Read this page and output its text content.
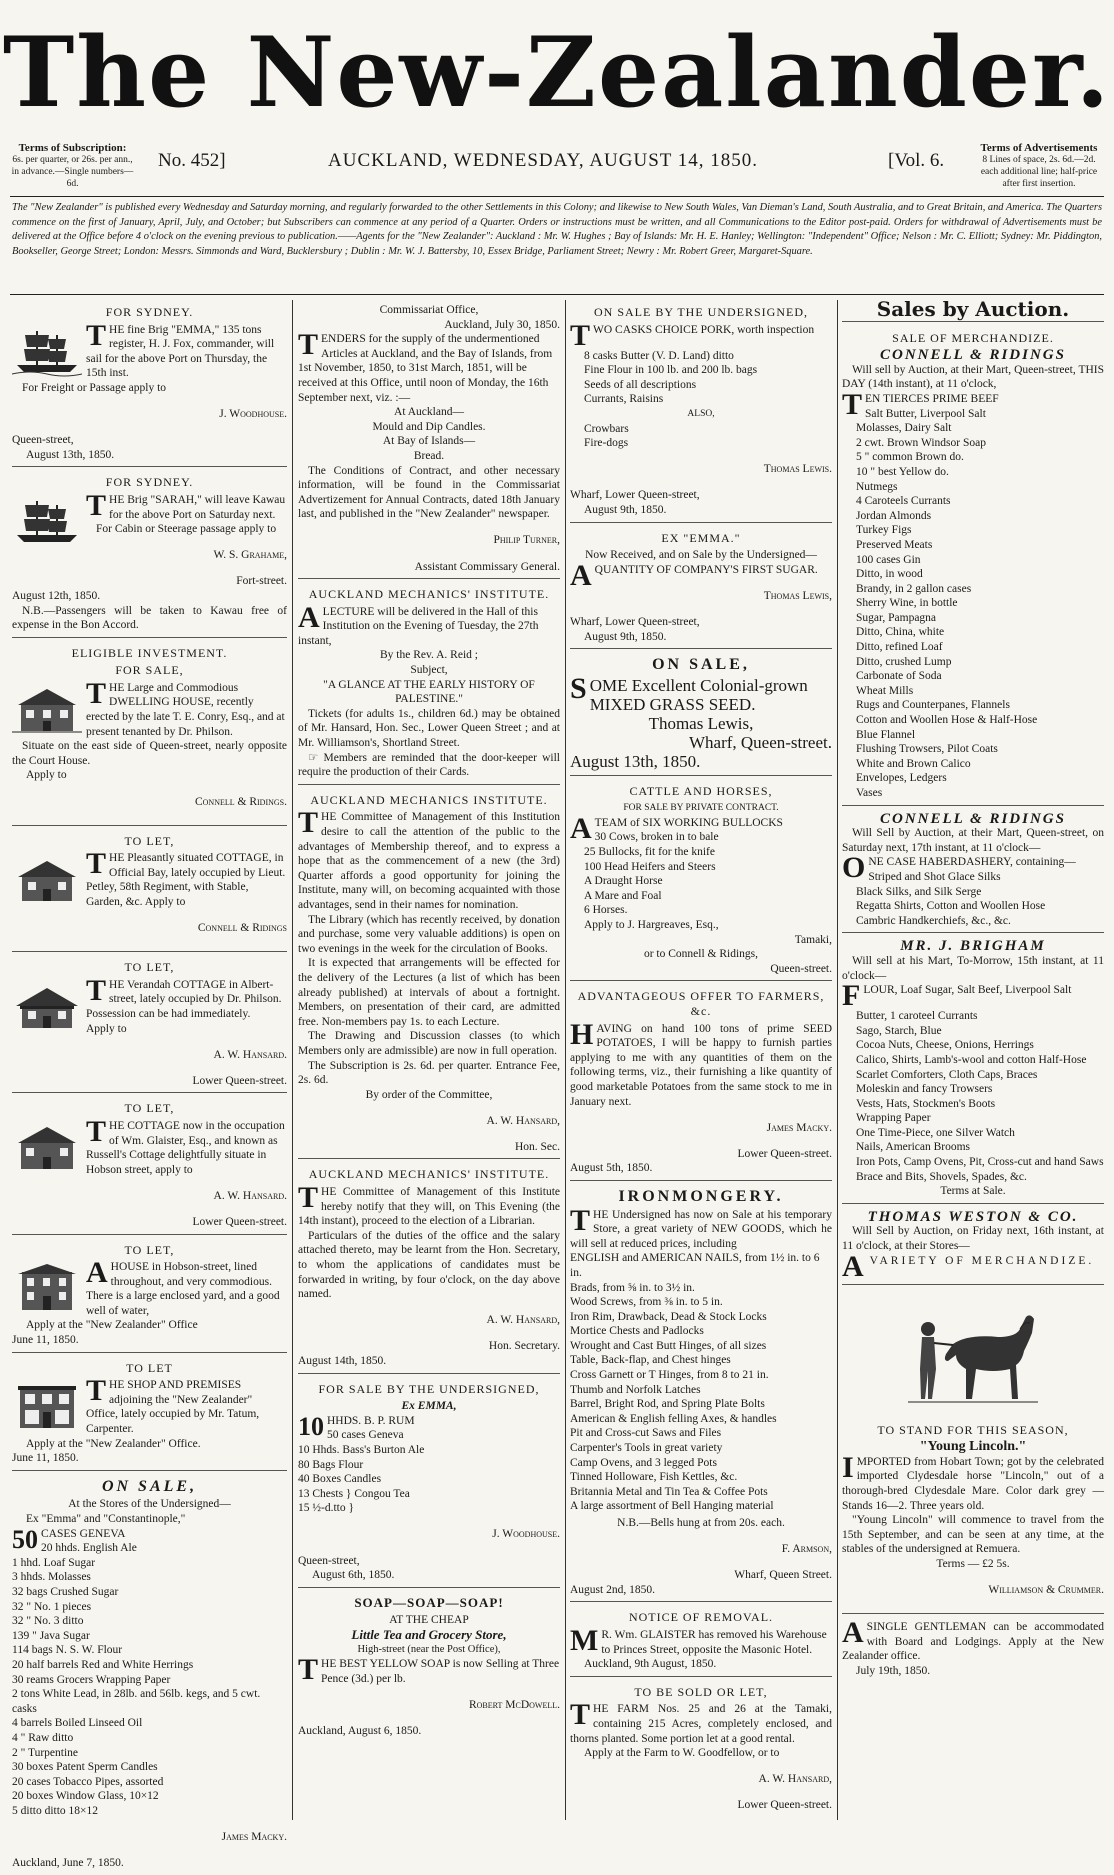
The New-Zealander.
Terms of Subscription:
6s. per quarter, or 26s. per ann., in advance.—Single numbers—6d.
No. 452]	AUCKLAND, WEDNESDAY, AUGUST 14, 1850.	[Vol. 6.
Terms of Advertisements
8 Lines of space, 2s. 6d.—2d. each additional line; half-price after first insertion.
The "New Zealander" is published every Wednesday and Saturday morning, and regularly forwarded to the other Settlements in this Colony; and likewise to New South Wales, Van Dieman's Land, South Australia, and to Great Britain, and America. The Quarters commence on the first of January, April, July, and October; but Subscribers can commence at any period of a Quarter. Orders or instructions must be written, and all Communications to the Editor post-paid. Orders for withdrawal of Advertisements must be delivered at the Office before 4 o'clock on the evening previous to publication.——Agents for the "New Zealander": Auckland : Mr. W. Hughes ; Bay of Islands: Mr. H. E. Hanley; Wellington: "Independent" Office; Nelson : Mr. C. Elliott; Sydney: Mr. Piddington, Bookseller, George Street; London: Messrs. Simmonds and Ward, Bucklersbury ; Dublin : Mr. W. J. Battersby, 10, Essex Bridge, Parliament Street; Newry : Mr. Robert Greer, Margaret-Square.
FOR SYDNEY.

THE fine Brig "EMMA," 135 tons register, H. J. Fox, commander, will sail for the above Port on Thursday, the 15th inst.

For Freight or Passage apply to

J. Woodhouse.

Queen-street,

August 13th, 1850.

FOR SYDNEY.

THE Brig "SARAH," will leave Kawau for the above Port on Saturday next.

For Cabin or Steerage passage apply to

W. S. Grahame,

Fort-street.

August 12th, 1850.

N.B.—Passengers will be taken to Kawau free of expense in the Bon Accord.

ELIGIBLE INVESTMENT.
FOR SALE,

THE Large and Commodious DWELLING HOUSE, recently erected by the late T. E. Conry, Esq., and at present tenanted by Dr. Philson.

Situate on the east side of Queen-street, nearly opposite the Court House.

Apply to

Connell & Ridings.

TO LET,

THE Pleasantly situated COTTAGE, in Official Bay, lately occupied by Lieut. Petley, 58th Regiment, with Stable, Garden, &c. Apply to

Connell & Ridings

TO LET,

THE Verandah COTTAGE in Albert-street, lately occupied by Dr. Philson. Possession can be had immediately.

Apply to

A. W. Hansard.

Lower Queen-street.

TO LET,

THE COTTAGE now in the occupation of Wm. Glaister, Esq., and known as Russell's Cottage delightfully situate in Hobson street, apply to

A. W. Hansard.

Lower Queen-street.

TO LET,

A HOUSE in Hobson-street, lined throughout, and very commodious. There is a large enclosed yard, and a good well of water,

Apply at the "New Zealander" Office

June 11, 1850.

TO LET

THE SHOP AND PREMISES adjoining the "New Zealander" Office, lately occupied by Mr. Tatum, Carpenter.

Apply at the "New Zealander" Office.

June 11, 1850.

ON SALE,

At the Stores of the Undersigned—

Ex "Emma" and "Constantinople,"

50 CASES GENEVA
20 hhds. English Ale
1 hhd. Loaf Sugar
3 hhds. Molasses
32 bags Crushed Sugar
32 " No. 1 pieces
32 " No. 3 ditto
139 " Java Sugar
114 bags N. S. W. Flour
20 half barrels Red and White Herrings
30 reams Grocers Wrapping Paper
2 tons White Lead, in 28lb. and 56lb. kegs, and 5 cwt. casks
4 barrels Boiled Linseed Oil
4 " Raw ditto
2 " Turpentine
30 boxes Patent Sperm Candles
20 cases Tobacco Pipes, assorted
20 boxes Window Glass, 10×12
5 ditto ditto 18×12

James Macky.

Auckland, June 7, 1850.

Commissariat Office,

Auckland, July 30, 1850.

TENDERS for the supply of the undermentioned Articles at Auckland, and the Bay of Islands, from 1st November, 1850, to 31st March, 1851, will be received at this Office, until noon of Monday, the 16th September next, viz. :—

At Auckland—

Mould and Dip Candles.

At Bay of Islands—

Bread.

The Conditions of Contract, and other necessary information, will be found in the Commissariat Advertizement for Annual Contracts, dated 18th January last, and published in the "New Zealander" newspaper.

Philip Turner,

Assistant Commissary General.

AUCKLAND MECHANICS' INSTITUTE.

A LECTURE will be delivered in the Hall of this Institution on the Evening of Tuesday, the 27th instant,

By the Rev. A. Reid ;

Subject,

"A GLANCE AT THE EARLY HISTORY OF PALESTINE."

Tickets (for adults 1s., children 6d.) may be obtained of Mr. Hansard, Hon. Sec., Lower Queen Street ; and at Mr. Williamson's, Shortland Street.

☞ Members are reminded that the door-keeper will require the production of their Cards.

AUCKLAND MECHANICS INSTITUTE.

THE Committee of Management of this Institution desire to call the attention of the public to the advantages of Membership thereof, and to express a hope that as the commencement of a new (the 3rd) Quarter affords a good opportunity for joining the Institute, many will, on becoming acquainted with those advantages, send in their names for nomination.

The Library (which has recently received, by donation and purchase, some very valuable additions) is open on two evenings in the week for the circulation of Books.

It is expected that arrangements will be effected for the delivery of the Lectures (a list of which has been already published) at intervals of about a fortnight. Members, on presentation of their card, are admitted free. Non-members pay 1s. to each Lecture.

The Drawing and Discussion classes (to which Members only are admissible) are now in full operation.

The Subscription is 2s. 6d. per quarter. Entrance Fee, 2s. 6d.

By order of the Committee,

A. W. Hansard,

Hon. Sec.

AUCKLAND MECHANICS' INSTITUTE.

THE Committee of Management of this Institute hereby notify that they will, on This Evening (the 14th instant), proceed to the election of a Librarian.

Particulars of the duties of the office and the salary attached thereto, may be learnt from the Hon. Secretary, to whom the applications of candidates must be forwarded in writing, by four o'clock, on the day above named.

A. W. Hansard,

Hon. Secretary.

August 14th, 1850.

FOR SALE BY THE UNDERSIGNED,
Ex EMMA,
10 HHDS. B. P. RUM
50 cases Geneva
10 Hhds. Bass's Burton Ale
80 Bags Flour
40 Boxes Candles
13 Chests } Congou Tea
15 ½-d.tto }

J. Woodhouse.

Queen-street,

August 6th, 1850.

SOAP—SOAP—SOAP!
AT THE CHEAP
Little Tea and Grocery Store,
High-street (near the Post Office),

THE BEST YELLOW SOAP is now Selling at Three Pence (3d.) per lb.

Robert McDowell.

Auckland, August 6, 1850.

ON SALE BY THE UNDERSIGNED,

TWO CASKS CHOICE PORK, worth inspection

8 casks Butter (V. D. Land) ditto
Fine Flour in 100 lb. and 200 lb. bags
Seeds of all descriptions
Currants, Raisins

ALSO,

Crowbars
Fire-dogs

Thomas Lewis.

Wharf, Lower Queen-street,

August 9th, 1850.

EX "EMMA."

Now Received, and on Sale by the Undersigned—

A QUANTITY OF COMPANY'S FIRST SUGAR.

Thomas Lewis,

Wharf, Lower Queen-street,

August 9th, 1850.

ON SALE,

SOME Excellent Colonial-grown MIXED GRASS SEED.

Thomas Lewis,

Wharf, Queen-street.

August 13th, 1850.

CATTLE AND HORSES,
FOR SALE BY PRIVATE CONTRACT.

A TEAM of SIX WORKING BULLOCKS

30 Cows, broken in to bale
25 Bullocks, fit for the knife
100 Head Heifers and Steers
A Draught Horse
A Mare and Foal
6 Horses.

Apply to J. Hargreaves, Esq.,

Tamaki,

or to Connell & Ridings,

Queen-street.

ADVANTAGEOUS OFFER TO FARMERS, &c.

HAVING on hand 100 tons of prime SEED POTATOES, I will be happy to furnish parties applying to me with any quantities of them on the following terms, viz., their furnishing a like quantity of good marketable Potatoes from the same stock to me in January next.

James Macky.

Lower Queen-street.

August 5th, 1850.

IRONMONGERY.

THE Undersigned has now on Sale at his temporary Store, a great variety of NEW GOODS, which he will sell at reduced prices, including

ENGLISH and AMERICAN NAILS, from 1½ in. to 6 in.
Brads, from ⅝ in. to 3½ in.
Wood Screws, from ⅜ in. to 5 in.
Iron Rim, Drawback, Dead & Stock Locks
Mortice Chests and Padlocks
Wrought and Cast Butt Hinges, of all sizes
Table, Back-flap, and Chest hinges
Cross Garnett or T Hinges, from 8 to 21 in.
Thumb and Norfolk Latches
Barrel, Bright Rod, and Spring Plate Bolts
American & English felling Axes, & handles
Pit and Cross-cut Saws and Files
Carpenter's Tools in great variety
Camp Ovens, and 3 legged Pots
Tinned Holloware, Fish Kettles, &c.
Britannia Metal and Tin Tea & Coffee Pots
A large assortment of Bell Hanging material

N.B.—Bells hung at from 20s. each.

F. Armson,

Wharf, Queen Street.

August 2nd, 1850.

NOTICE OF REMOVAL.

M R. Wm. GLAISTER has removed his Warehouse to Princes Street, opposite the Masonic Hotel.

Auckland, 9th August, 1850.

TO BE SOLD OR LET,

THE FARM Nos. 25 and 26 at the Tamaki, containing 215 Acres, completely enclosed, and thorns planted. Some portion let at a good rental.

Apply at the Farm to W. Goodfellow, or to

A. W. Hansard,

Lower Queen-street.

Sales by Auction.
SALE OF MERCHANDIZE.
CONNELL & RIDINGS

Will sell by Auction, at their Mart, Queen-street, THIS DAY (14th instant), at 11 o'clock,

TEN TIERCES PRIME BEEF

Salt Butter, Liverpool Salt
Molasses, Dairy Salt
2 cwt. Brown Windsor Soap
5 " common Brown do.
10 " best Yellow do.
Nutmegs
4 Caroteels Currants
Jordan Almonds
Turkey Figs
Preserved Meats
100 cases Gin
Ditto, in wood
Brandy, in 2 gallon cases
Sherry Wine, in bottle
Sugar, Pampagna
Ditto, China, white
Ditto, refined Loaf
Ditto, crushed Lump
Carbonate of Soda
Wheat Mills
Rugs and Counterpanes, Flannels
Cotton and Woollen Hose & Half-Hose
Blue Flannel
Flushing Trowsers, Pilot Coats
White and Brown Calico
Envelopes, Ledgers
Vases
CONNELL & RIDINGS

Will Sell by Auction, at their Mart, Queen-street, on Saturday next, 17th instant, at 11 o'clock—

ONE CASE HABERDASHERY, containing—

Striped and Shot Glace Silks
Black Silks, and Silk Serge
Regatta Shirts, Cotton and Woollen Hose
Cambric Handkerchiefs, &c., &c.
MR. J. BRIGHAM

Will sell at his Mart, To-Morrow, 15th instant, at 11 o'clock—

FLOUR, Loaf Sugar, Salt Beef, Liverpool Salt

Butter, 1 caroteel Currants
Sago, Starch, Blue
Cocoa Nuts, Cheese, Onions, Herrings
Calico, Shirts, Lamb's-wool and cotton Half-Hose
Scarlet Comforters, Cloth Caps, Braces
Moleskin and fancy Trowsers
Vests, Hats, Stockmen's Boots
Wrapping Paper
One Time-Piece, one Silver Watch
Nails, American Brooms
Iron Pots, Camp Ovens, Pit, Cross-cut and hand Saws
Brace and Bits, Shovels, Spades, &c.

Terms at Sale.

THOMAS WESTON & CO.

Will Sell by Auction, on Friday next, 16th instant, at 11 o'clock, at their Stores—

A VARIETY OF MERCHANDIZE.

TO STAND FOR THIS SEASON,
"Young Lincoln."

IMPORTED from Hobart Town; got by the celebrated imported Clydesdale horse "Lincoln," out of a thorough-bred Clydesdale Mare. Color dark grey — Stands 16—2. Three years old.

"Young Lincoln" will commence to travel from the 15th September, and can be seen at any time, at the stables of the undersigned at Remuera.

Terms — £2 5s.

Williamson & Crummer.

A SINGLE GENTLEMAN can be accommodated with Board and Lodgings. Apply at the New Zealander office.

July 19th, 1850.
